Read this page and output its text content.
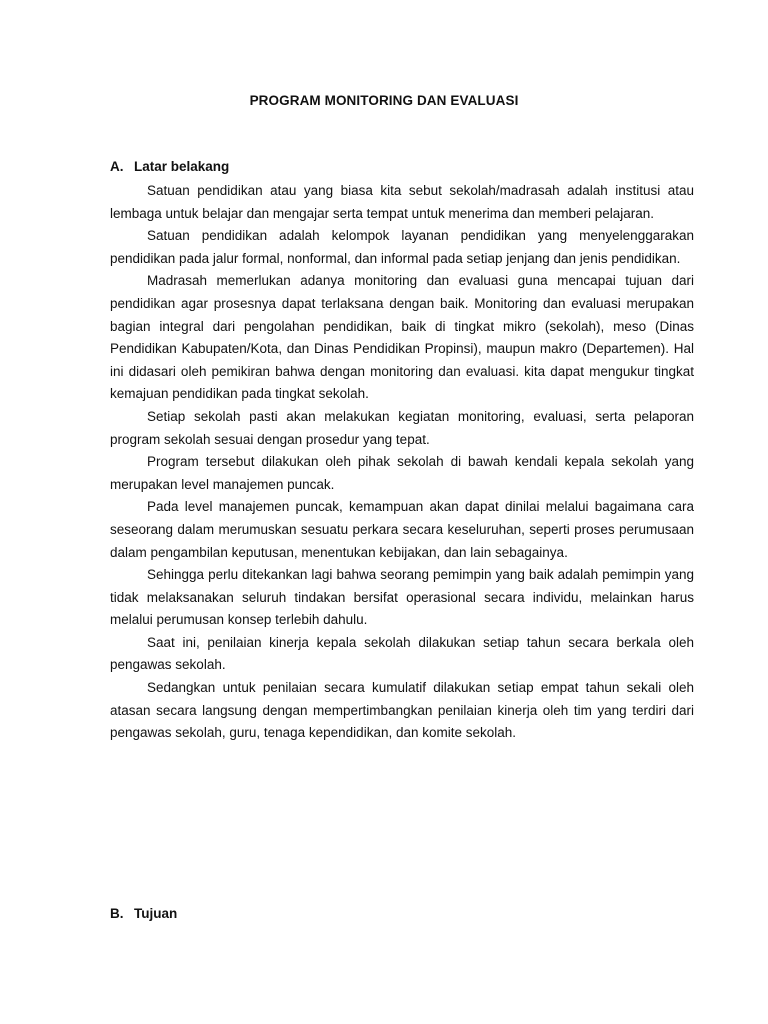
PROGRAM MONITORING DAN EVALUASI
A. Latar belakang

Satuan pendidikan atau yang biasa kita sebut sekolah/madrasah adalah institusi atau lembaga untuk belajar dan mengajar serta tempat untuk menerima dan memberi pelajaran.

Satuan pendidikan adalah kelompok layanan pendidikan yang menyelenggarakan pendidikan pada jalur formal, nonformal, dan informal pada setiap jenjang dan jenis pendidikan.

Madrasah memerlukan adanya monitoring dan evaluasi guna mencapai tujuan dari pendidikan agar prosesnya dapat terlaksana dengan baik. Monitoring dan evaluasi merupakan bagian integral dari pengolahan pendidikan, baik di tingkat mikro (sekolah), meso (Dinas Pendidikan Kabupaten/Kota, dan Dinas Pendidikan Propinsi), maupun makro (Departemen). Hal ini didasari oleh pemikiran bahwa dengan monitoring dan evaluasi. kita dapat mengukur tingkat kemajuan pendidikan pada tingkat sekolah.

Setiap sekolah pasti akan melakukan kegiatan monitoring, evaluasi, serta pelaporan program sekolah sesuai dengan prosedur yang tepat.

Program tersebut dilakukan oleh pihak sekolah di bawah kendali kepala sekolah yang merupakan level manajemen puncak.

Pada level manajemen puncak, kemampuan akan dapat dinilai melalui bagaimana cara seseorang dalam merumuskan sesuatu perkara secara keseluruhan, seperti proses perumusaan dalam pengambilan keputusan, menentukan kebijakan, dan lain sebagainya.

Sehingga perlu ditekankan lagi bahwa seorang pemimpin yang baik adalah pemimpin yang tidak melaksanakan seluruh tindakan bersifat operasional secara individu, melainkan harus melalui perumusan konsep terlebih dahulu.

Saat ini, penilaian kinerja kepala sekolah dilakukan setiap tahun secara berkala oleh pengawas sekolah.

Sedangkan untuk penilaian secara kumulatif dilakukan setiap empat tahun sekali oleh atasan secara langsung dengan mempertimbangkan penilaian kinerja oleh tim yang terdiri dari pengawas sekolah, guru, tenaga kependidikan, dan komite sekolah.

B. Tujuan
